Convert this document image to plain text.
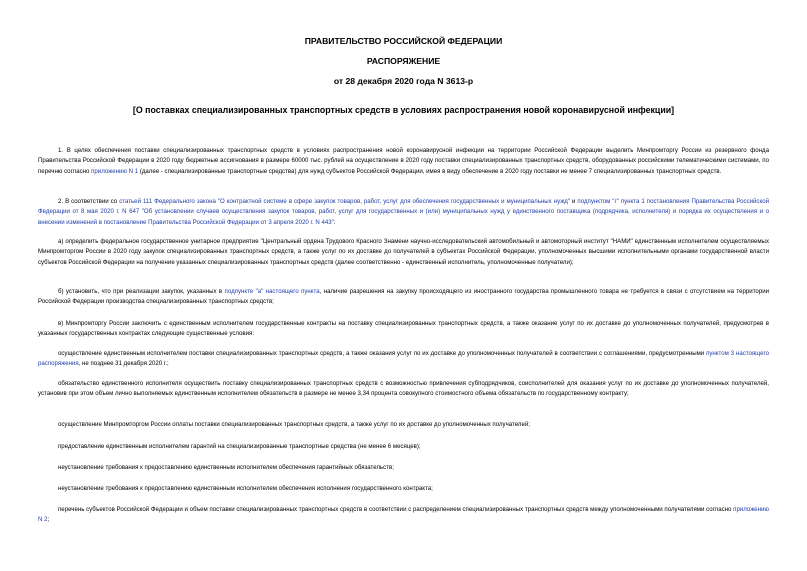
ПРАВИТЕЛЬСТВО РОССИЙСКОЙ ФЕДЕРАЦИИ
РАСПОРЯЖЕНИЕ
от 28 декабря 2020 года N 3613-р
[О поставках специализированных транспортных средств в условиях распространения новой коронавирусной инфекции]

1. В целях обеспечения поставки специализированных транспортных средств в условиях распространения новой коронавирусной инфекции на территории Российской Федерации выделить Минпромторгу России из резервного фонда Правительства Российской Федерации в 2020 году бюджетные ассигнования в размере 60000 тыс. рублей на осуществление в 2020 году поставки специализированных транспортных средств, оборудованных российскими телематическими системами, по перечню согласно приложению N 1 (далее - специализированные транспортные средства) для нужд субъектов Российской Федерации, имея в виду обеспечение в 2020 году поставки не менее 7 специализированных транспортных средств.

2. В соответствии со статьей 111 Федерального закона "О контрактной системе в сфере закупок товаров, работ, услуг для обеспечения государственных и муниципальных нужд" и подпунктом "г" пункта 1 постановления Правительства Российской Федерации от 8 мая 2020 г. N 647 "Об установлении случаев осуществления закупок товаров, работ, услуг для государственных и (или) муниципальных нужд у единственного поставщика (подрядчика, исполнителя) и порядка их осуществления и о внесении изменений в постановление Правительства Российской Федерации от 3 апреля 2020 г. N 443":

а) определить федеральное государственное унитарное предприятие "Центральный ордена Трудового Красного Знамени научно-исследовательский автомобильный и автомоторный институт "НАМИ" единственным исполнителем осуществляемых Минпромторгом России в 2020 году закупок специализированных транспортных средств, а также услуг по их доставке до получателей в субъектах Российской Федерации, уполномоченных высшими исполнительными органами государственной власти субъектов Российской Федерации на получение указанных специализированных транспортных средств (далее соответственно - единственный исполнитель, уполномоченные получатели);

б) установить, что при реализации закупок, указанных в подпункте "а" настоящего пункта, наличие разрешения на закупку происходящего из иностранного государства промышленного товара не требуется в связи с отсутствием на территории Российской Федерации производства специализированных транспортных средств;

в) Минпромторгу России заключить с единственным исполнителем государственные контракты на поставку специализированных транспортных средств, а также оказание услуг по их доставке до уполномоченных получателей, предусмотрев в указанных государственных контрактах следующие существенные условия:

осуществление единственным исполнителем поставки специализированных транспортных средств, а также оказания услуг по их доставке до уполномоченных получателей в соответствии с соглашениями, предусмотренными пунктом 3 настоящего распоряжения, не позднее 31 декабря 2020 г.;

обязательство единственного исполнителя осуществить поставку специализированных транспортных средств с возможностью привлечения субподрядчиков, соисполнителей для оказания услуг по их доставке до уполномоченных получателей, установив при этом объем лично выполняемых единственным исполнителем обязательств в размере не менее 3,34 процента совокупного стоимостного объема обязательств по государственному контракту;

осуществление Минпромторгом России оплаты поставки специализированных транспортных средств, а также услуг по их доставке до уполномоченных получателей;

предоставление единственным исполнителем гарантий на специализированные транспортные средства (не менее 6 месяцев);

неустановление требования к предоставлению единственным исполнителем обеспечения гарантийных обязательств;

неустановление требования к предоставлению единственным исполнителем обеспечения исполнения государственного контракта;

перечень субъектов Российской Федерации и объем поставки специализированных транспортных средств в соответствии с распределением специализированных транспортных средств между уполномоченными получателями согласно приложению N 2;
